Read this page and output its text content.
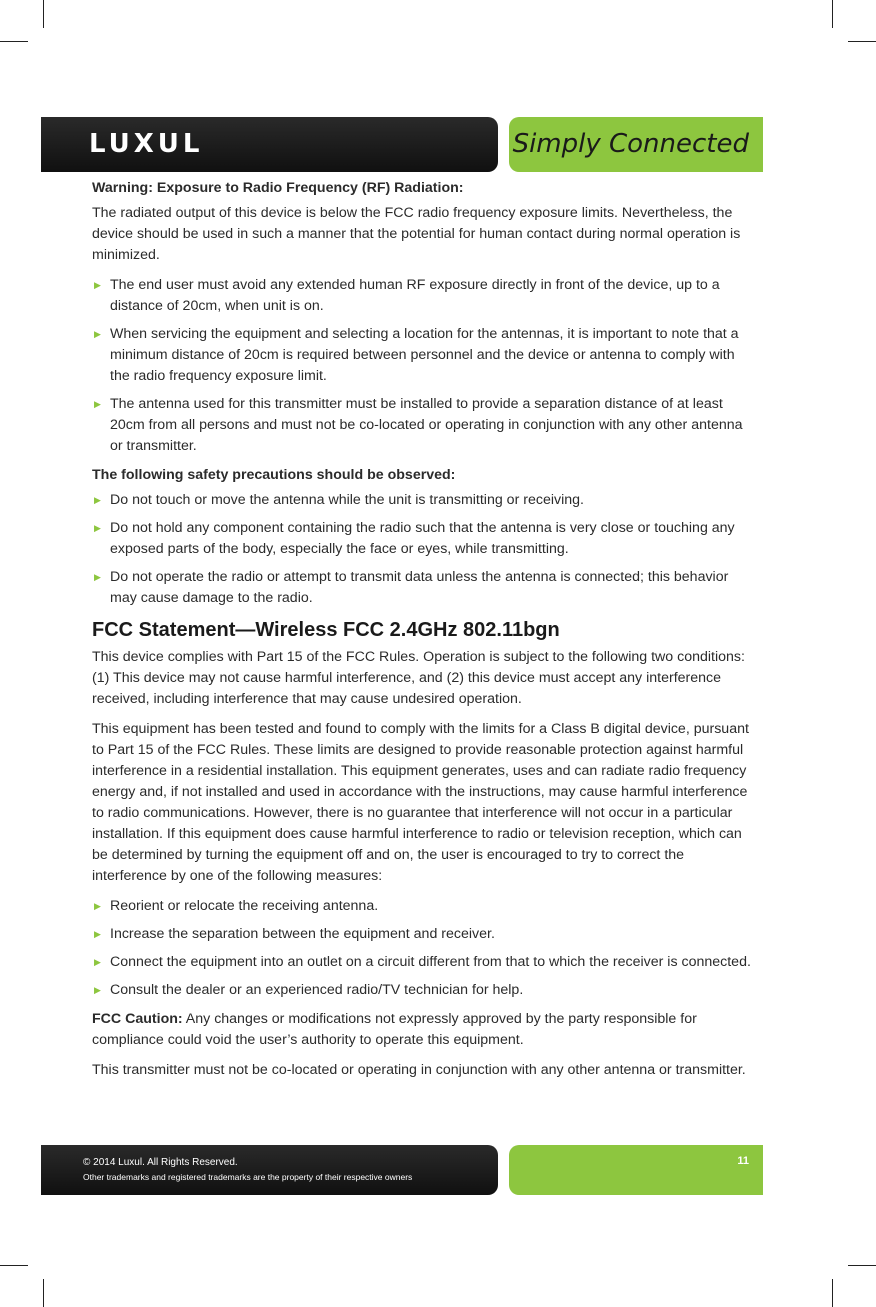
LUXUL	Simply Connected
Warning: Exposure to Radio Frequency (RF) Radiation:

The radiated output of this device is below the FCC radio frequency exposure limits. Nevertheless, the device should be used in such a manner that the potential for human contact during normal operation is minimized.

▶ The end user must avoid any extended human RF exposure directly in front of the device, up to a distance of 20cm, when unit is on.
▶ When servicing the equipment and selecting a location for the antennas, it is important to note that a minimum distance of 20cm is required between personnel and the device or antenna to comply with the radio frequency exposure limit.
▶ The antenna used for this transmitter must be installed to provide a separation distance of at least 20cm from all persons and must not be co-located or operating in conjunction with any other antenna or transmitter.
The following safety precautions should be observed:
▶ Do not touch or move the antenna while the unit is transmitting or receiving.
▶ Do not hold any component containing the radio such that the antenna is very close or touching any exposed parts of the body, especially the face or eyes, while transmitting.
▶ Do not operate the radio or attempt to transmit data unless the antenna is connected; this behavior may cause damage to the radio.
FCC Statement—Wireless FCC 2.4GHz 802.11bgn

This device complies with Part 15 of the FCC Rules. Operation is subject to the following two conditions: (1) This device may not cause harmful interference, and (2) this device must accept any interference received, including interference that may cause undesired operation.

This equipment has been tested and found to comply with the limits for a Class B digital device, pursuant to Part 15 of the FCC Rules. These limits are designed to provide reasonable protection against harmful interference in a residential installation. This equipment generates, uses and can radiate radio frequency energy and, if not installed and used in accordance with the instructions, may cause harmful interference to radio communications. However, there is no guarantee that interference will not occur in a particular installation. If this equipment does cause harmful interference to radio or television reception, which can be determined by turning the equipment off and on, the user is encouraged to try to correct the interference by one of the following measures:

▶ Reorient or relocate the receiving antenna.
▶ Increase the separation between the equipment and receiver.
▶ Connect the equipment into an outlet on a circuit different from that to which the receiver is connected.
▶ Consult the dealer or an experienced radio/TV technician for help.

FCC Caution: Any changes or modifications not expressly approved by the party responsible for compliance could void the user’s authority to operate this equipment.

This transmitter must not be co-located or operating in conjunction with any other antenna or transmitter.

© 2014 Luxul. All Rights Reserved.
Other trademarks and registered trademarks are the property of their respective owners
11
